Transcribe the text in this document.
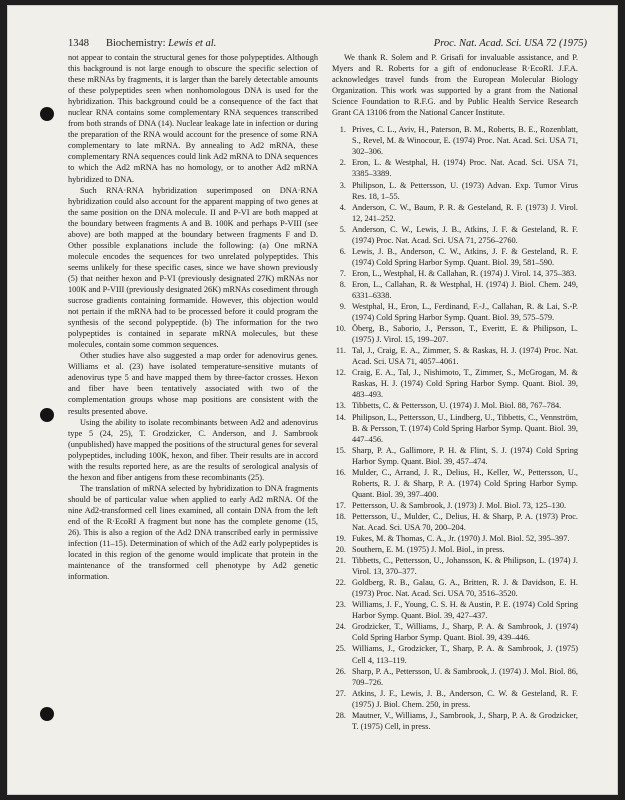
1348 Biochemistry: Lewis et al.	Proc. Nat. Acad. Sci. USA 72 (1975)

not appear to contain the structural genes for those polypeptides. Although this background is not large enough to obscure the specific selection of these mRNAs by fragments, it is larger than the barely detectable amounts of these polypeptides seen when nonhomologous DNA is used for the hybridization. This background could be a consequence of the fact that nuclear RNA contains some complementary RNA sequences transcribed from both strands of DNA (14). Nuclear leakage late in infection or during the preparation of the RNA would account for the presence of some RNA complementary to late mRNA. By annealing to Ad2 mRNA, these complementary RNA sequences could link Ad2 mRNA to DNA sequences to which the Ad2 mRNA has no homology, or to another Ad2 mRNA hybridized to DNA.

Such RNA·RNA hybridization superimposed on DNA·RNA hybridization could also account for the apparent mapping of two genes at the same position on the DNA molecule. II and P-VI are both mapped at the boundary between fragments A and B. 100K and perhaps P-VIII (see above) are both mapped at the boundary between fragments F and D. Other possible explanations include the following: (a) One mRNA molecule encodes the sequences for two unrelated polypeptides. This seems unlikely for these specific cases, since we have shown previously (5) that neither hexon and P-VI (previously designated 27K) mRNAs nor 100K and P-VIII (previously designated 26K) mRNAs cosediment through sucrose gradients containing formamide. However, this objection would not pertain if the mRNA had to be processed before it could program the synthesis of the second polypeptide. (b) The information for the two polypeptides is contained in separate mRNA molecules, but these molecules, contain some common sequences.

Other studies have also suggested a map order for adenovirus genes. Williams et al. (23) have isolated temperature-sensitive mutants of adenovirus type 5 and have mapped them by three-factor crosses. Hexon and fiber have been tentatively associated with two of the complementation groups whose map positions are consistent with the results presented above.

Using the ability to isolate recombinants between Ad2 and adenovirus type 5 (24, 25), T. Grodzicker, C. Anderson, and J. Sambrook (unpublished) have mapped the positions of the structural genes for several polypeptides, including 100K, hexon, and fiber. Their results are in accord with the results reported here, as are the results of serological analysis of the hexon and fiber antigens from these recombinants (25).

The translation of mRNA selected by hybridization to DNA fragments should be of particular value when applied to early Ad2 mRNA. Of the nine Ad2-transformed cell lines examined, all contain DNA from the left end of the R·EcoRI A fragment but none has the complete genome (15, 26). This is also a region of the Ad2 DNA transcribed early in permissive infection (11–15). Determination of which of the Ad2 early polypeptides is located in this region of the genome would implicate that protein in the maintenance of the transformed cell phenotype by Ad2 genetic information.

We thank R. Solem and P. Grisafi for invaluable assistance, and P. Myers and R. Roberts for a gift of endonuclease R·EcoRI. J.F.A. acknowledges travel funds from the European Molecular Biology Organization. This work was supported by a grant from the National Science Foundation to R.F.G. and by Public Health Service Research Grant CA 13106 from the National Cancer Institute.

1. Prives, C. L., Aviv, H., Paterson, B. M., Roberts, B. E., Rozenblatt, S., Revel, M. & Winocour, E. (1974) Proc. Nat. Acad. Sci. USA 71, 302–306.
2. Eron, L. & Westphal, H. (1974) Proc. Nat. Acad. Sci. USA 71, 3385–3389.
3. Philipson, L. & Pettersson, U. (1973) Advan. Exp. Tumor Virus Res. 18, 1–55.
4. Anderson, C. W., Baum, P. R. & Gesteland, R. F. (1973) J. Virol. 12, 241–252.
5. Anderson, C. W., Lewis, J. B., Atkins, J. F. & Gesteland, R. F. (1974) Proc. Nat. Acad. Sci. USA 71, 2756–2760.
6. Lewis, J. B., Anderson, C. W., Atkins, J. F. & Gesteland, R. F. (1974) Cold Spring Harbor Symp. Quant. Biol. 39, 581–590.
7. Eron, L., Westphal, H. & Callahan, R. (1974) J. Virol. 14, 375–383.
8. Eron, L., Callahan, R. & Westphal, H. (1974) J. Biol. Chem. 249, 6331–6338.
9. Westphal, H., Eron, L., Ferdinand, F.-J., Callahan, R. & Lai, S.-P. (1974) Cold Spring Harbor Symp. Quant. Biol. 39, 575–579.
10. Öberg, B., Saborio, J., Persson, T., Everitt, E. & Philipson, L. (1975) J. Virol. 15, 199–207.
11. Tal, J., Craig, E. A., Zimmer, S. & Raskas, H. J. (1974) Proc. Nat. Acad. Sci. USA 71, 4057–4061.
12. Craig, E. A., Tal, J., Nishimoto, T., Zimmer, S., McGrogan, M. & Raskas, H. J. (1974) Cold Spring Harbor Symp. Quant. Biol. 39, 483–493.
13. Tibbetts, C. & Pettersson, U. (1974) J. Mol. Biol. 88, 767–784.
14. Philipson, L., Pettersson, U., Lindberg, U., Tibbetts, C., Vennström, B. & Persson, T. (1974) Cold Spring Harbor Symp. Quant. Biol. 39, 447–456.
15. Sharp, P. A., Gallimore, P. H. & Flint, S. J. (1974) Cold Spring Harbor Symp. Quant. Biol. 39, 457–474.
16. Mulder, C., Arrand, J. R., Delius, H., Keller, W., Pettersson, U., Roberts, R. J. & Sharp, P. A. (1974) Cold Spring Harbor Symp. Quant. Biol. 39, 397–400.
17. Pettersson, U. & Sambrook, J. (1973) J. Mol. Biol. 73, 125–130.
18. Pettersson, U., Mulder, C., Delius, H. & Sharp, P. A. (1973) Proc. Nat. Acad. Sci. USA 70, 200–204.
19. Fukes, M. & Thomas, C. A., Jr. (1970) J. Mol. Biol. 52, 395–397.
20. Southern, E. M. (1975) J. Mol. Biol., in press.
21. Tibbetts, C., Pettersson, U., Johansson, K. & Philipson, L. (1974) J. Virol. 13, 370–377.
22. Goldberg, R. B., Galau, G. A., Britten, R. J. & Davidson, E. H. (1973) Proc. Nat. Acad. Sci. USA 70, 3516–3520.
23. Williams, J. F., Young, C. S. H. & Austin, P. E. (1974) Cold Spring Harbor Symp. Quant. Biol. 39, 427–437.
24. Grodzicker, T., Williams, J., Sharp, P. A. & Sambrook, J. (1974) Cold Spring Harbor Symp. Quant. Biol. 39, 439–446.
25. Williams, J., Grodzicker, T., Sharp, P. A. & Sambrook, J. (1975) Cell 4, 113–119.
26. Sharp, P. A., Pettersson, U. & Sambrook, J. (1974) J. Mol. Biol. 86, 709–726.
27. Atkins, J. F., Lewis, J. B., Anderson, C. W. & Gesteland, R. F. (1975) J. Biol. Chem. 250, in press.
28. Mautner, V., Williams, J., Sambrook, J., Sharp, P. A. & Grodzicker, T. (1975) Cell, in press.
